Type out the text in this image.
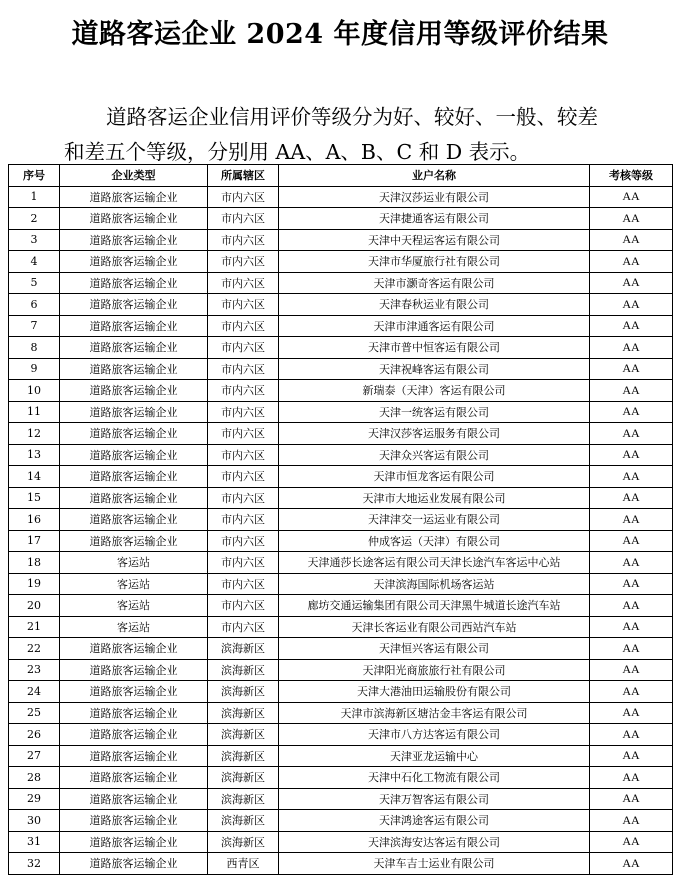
道路客运企业 2024 年度信用等级评价结果

道路客运企业信用评价等级分为好、较好、一般、较差
和差五个等级，分别用 AA、A、B、C 和 D 表示。

序号	企业类型	所属辖区	业户名称	考核等级
1	道路旅客运输企业	市内六区	天津汉莎运业有限公司	AA
2	道路旅客运输企业	市内六区	天津捷通客运有限公司	AA
3	道路旅客运输企业	市内六区	天津中天程运客运有限公司	AA
4	道路旅客运输企业	市内六区	天津市华厦旅行社有限公司	AA
5	道路旅客运输企业	市内六区	天津市灏奇客运有限公司	AA
6	道路旅客运输企业	市内六区	天津春秋运业有限公司	AA
7	道路旅客运输企业	市内六区	天津市津通客运有限公司	AA
8	道路旅客运输企业	市内六区	天津市普中恒客运有限公司	AA
9	道路旅客运输企业	市内六区	天津祝峰客运有限公司	AA
10	道路旅客运输企业	市内六区	新瑞泰（天津）客运有限公司	AA
11	道路旅客运输企业	市内六区	天津一统客运有限公司	AA
12	道路旅客运输企业	市内六区	天津汉莎客运服务有限公司	AA
13	道路旅客运输企业	市内六区	天津众兴客运有限公司	AA
14	道路旅客运输企业	市内六区	天津市恒龙客运有限公司	AA
15	道路旅客运输企业	市内六区	天津市大地运业发展有限公司	AA
16	道路旅客运输企业	市内六区	天津津交一运运业有限公司	AA
17	道路旅客运输企业	市内六区	仲成客运（天津）有限公司	AA
18	客运站	市内六区	天津通莎长途客运有限公司天津长途汽车客运中心站	AA
19	客运站	市内六区	天津滨海国际机场客运站	AA
20	客运站	市内六区	廊坊交通运输集团有限公司天津黑牛城道长途汽车站	AA
21	客运站	市内六区	天津长客运业有限公司西站汽车站	AA
22	道路旅客运输企业	滨海新区	天津恒兴客运有限公司	AA
23	道路旅客运输企业	滨海新区	天津阳光商旅旅行社有限公司	AA
24	道路旅客运输企业	滨海新区	天津大港油田运输股份有限公司	AA
25	道路旅客运输企业	滨海新区	天津市滨海新区塘沽金丰客运有限公司	AA
26	道路旅客运输企业	滨海新区	天津市八方达客运有限公司	AA
27	道路旅客运输企业	滨海新区	天津亚龙运输中心	AA
28	道路旅客运输企业	滨海新区	天津中石化工物流有限公司	AA
29	道路旅客运输企业	滨海新区	天津万智客运有限公司	AA
30	道路旅客运输企业	滨海新区	天津鸿途客运有限公司	AA
31	道路旅客运输企业	滨海新区	天津滨海安达客运有限公司	AA
32	道路旅客运输企业	西青区	天津车吉士运业有限公司	AA
